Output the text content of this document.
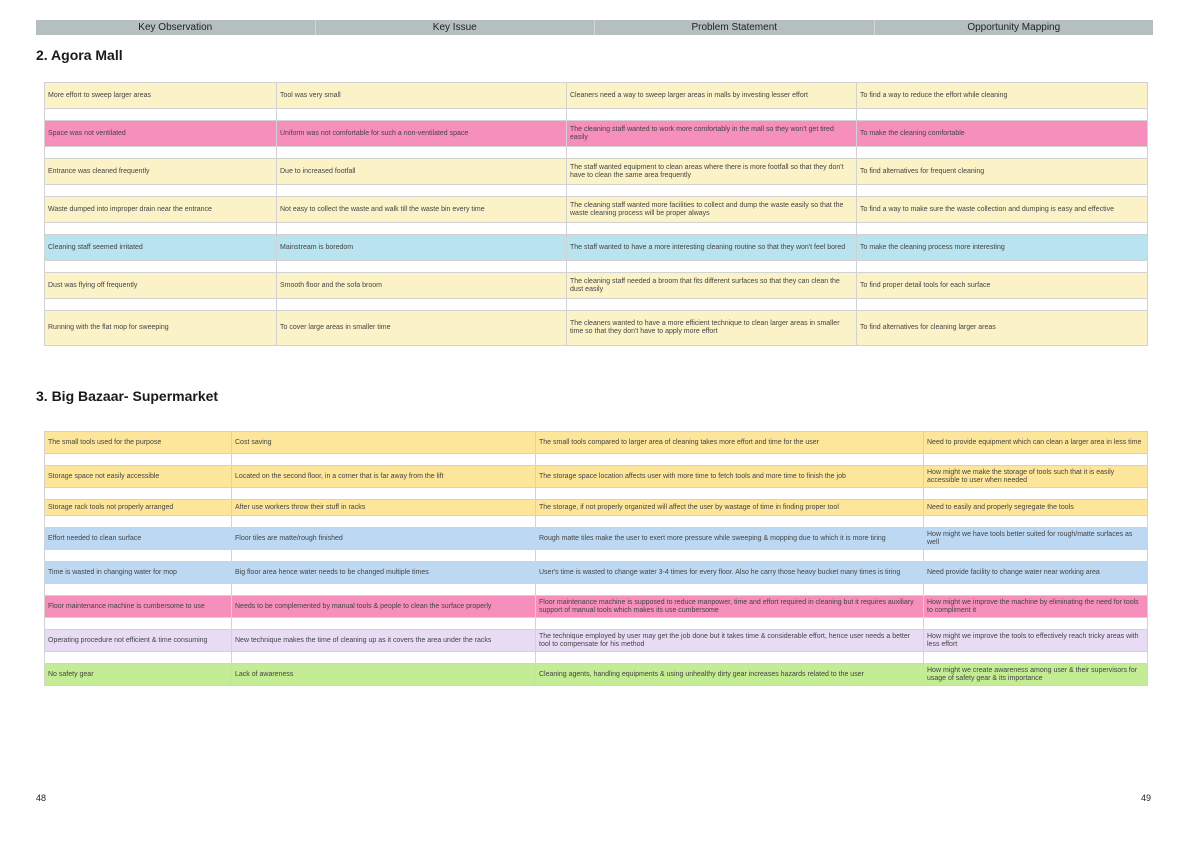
Key Observation	Key Issue	Problem Statement	Opportunity Mapping
2. Agora Mall
More effort to sweep larger areas	Tool was very small	Cleaners need a way to sweep larger areas in malls by investing lesser effort	To find a way to reduce the effort while cleaning

Space was not ventilated	Uniform was not comfortable for such a non-ventilated space	The cleaning staff wanted to work more comfortably in the mall so they won't get tired easily	To make the cleaning comfortable

Entrance was cleaned frequently	Due to increased footfall	The staff wanted equipment to clean areas where there is more footfall so that they don't have to clean the same area frequently	To find alternatives for frequent cleaning

Waste dumped into improper drain near the entrance	Not easy to collect the waste and walk till the waste bin every time	The cleaning staff wanted more facilities to collect and dump the waste easily so that the waste cleaning process will be proper always	To find a way to make sure the waste collection and dumping is easy and effective

Cleaning staff seemed irritated	Mainstream is boredom	The staff wanted to have a more interesting cleaning routine so that they won't feel bored	To make the cleaning process more interesting

Dust was flying off frequently	Smooth floor and the sofa broom	The cleaning staff needed a broom that fits different surfaces so that they can clean the dust easily	To find proper detail tools for each surface

Running with the flat mop for sweeping	To cover large areas in smaller time	The cleaners wanted to have a more efficient technique to clean larger areas in smaller time so that they don't have to apply more effort	To find alternatives for cleaning larger areas
3. Big Bazaar- Supermarket
The small tools used for the purpose	Cost saving	The small tools compared to larger area of cleaning takes more effort and time for the user	Need to provide equipment which can clean a larger area in less time

Storage space not easily accessible	Located on the second floor, in a corner that is far away from the lift	The storage space location affects user with more time to fetch tools and more time to finish the job	How might we make the storage of tools such that it is easily accessible to user when needed

Storage rack tools not properly arranged	After use workers throw their stuff in racks	The storage, if not properly organized will affect the user by wastage of time in finding proper tool	Need to easily and properly segregate the tools

Effort needed to clean surface	Floor tiles are matte/rough finished	Rough matte tiles make the user to exert more pressure while sweeping & mopping due to which it is more tiring	How might we have tools better suited for rough/matte surfaces as well

Time is wasted in changing water for mop	Big floor area hence water needs to be changed multiple times	User's time is wasted to change water 3-4 times for every floor. Also he carry those heavy bucket many times is tiring	Need provide facility to change water near working area

Floor maintenance machine is cumbersome to use	Needs to be complemented by manual tools & people to clean the surface properly	Floor maintenance machine is supposed to reduce manpower, time and effort required in cleaning but it requires auxiliary support of manual tools which makes its use cumbersome	How might we improve the machine by eliminating the need for tools to compliment it

Operating procedure not efficient & time consuming	New technique makes the time of cleaning up as it covers the area under the racks	The technique employed by user may get the job done but it takes time & considerable effort, hence user needs a better tool to compensate for his method	How might we improve the tools to effectively reach tricky areas with less effort

No safety gear	Lack of awareness	Cleaning agents, handling equipments & using unhealthy dirty gear increases hazards related to the user	How might we create awareness among user & their supervisors for usage of safety gear & its importance
48	49
